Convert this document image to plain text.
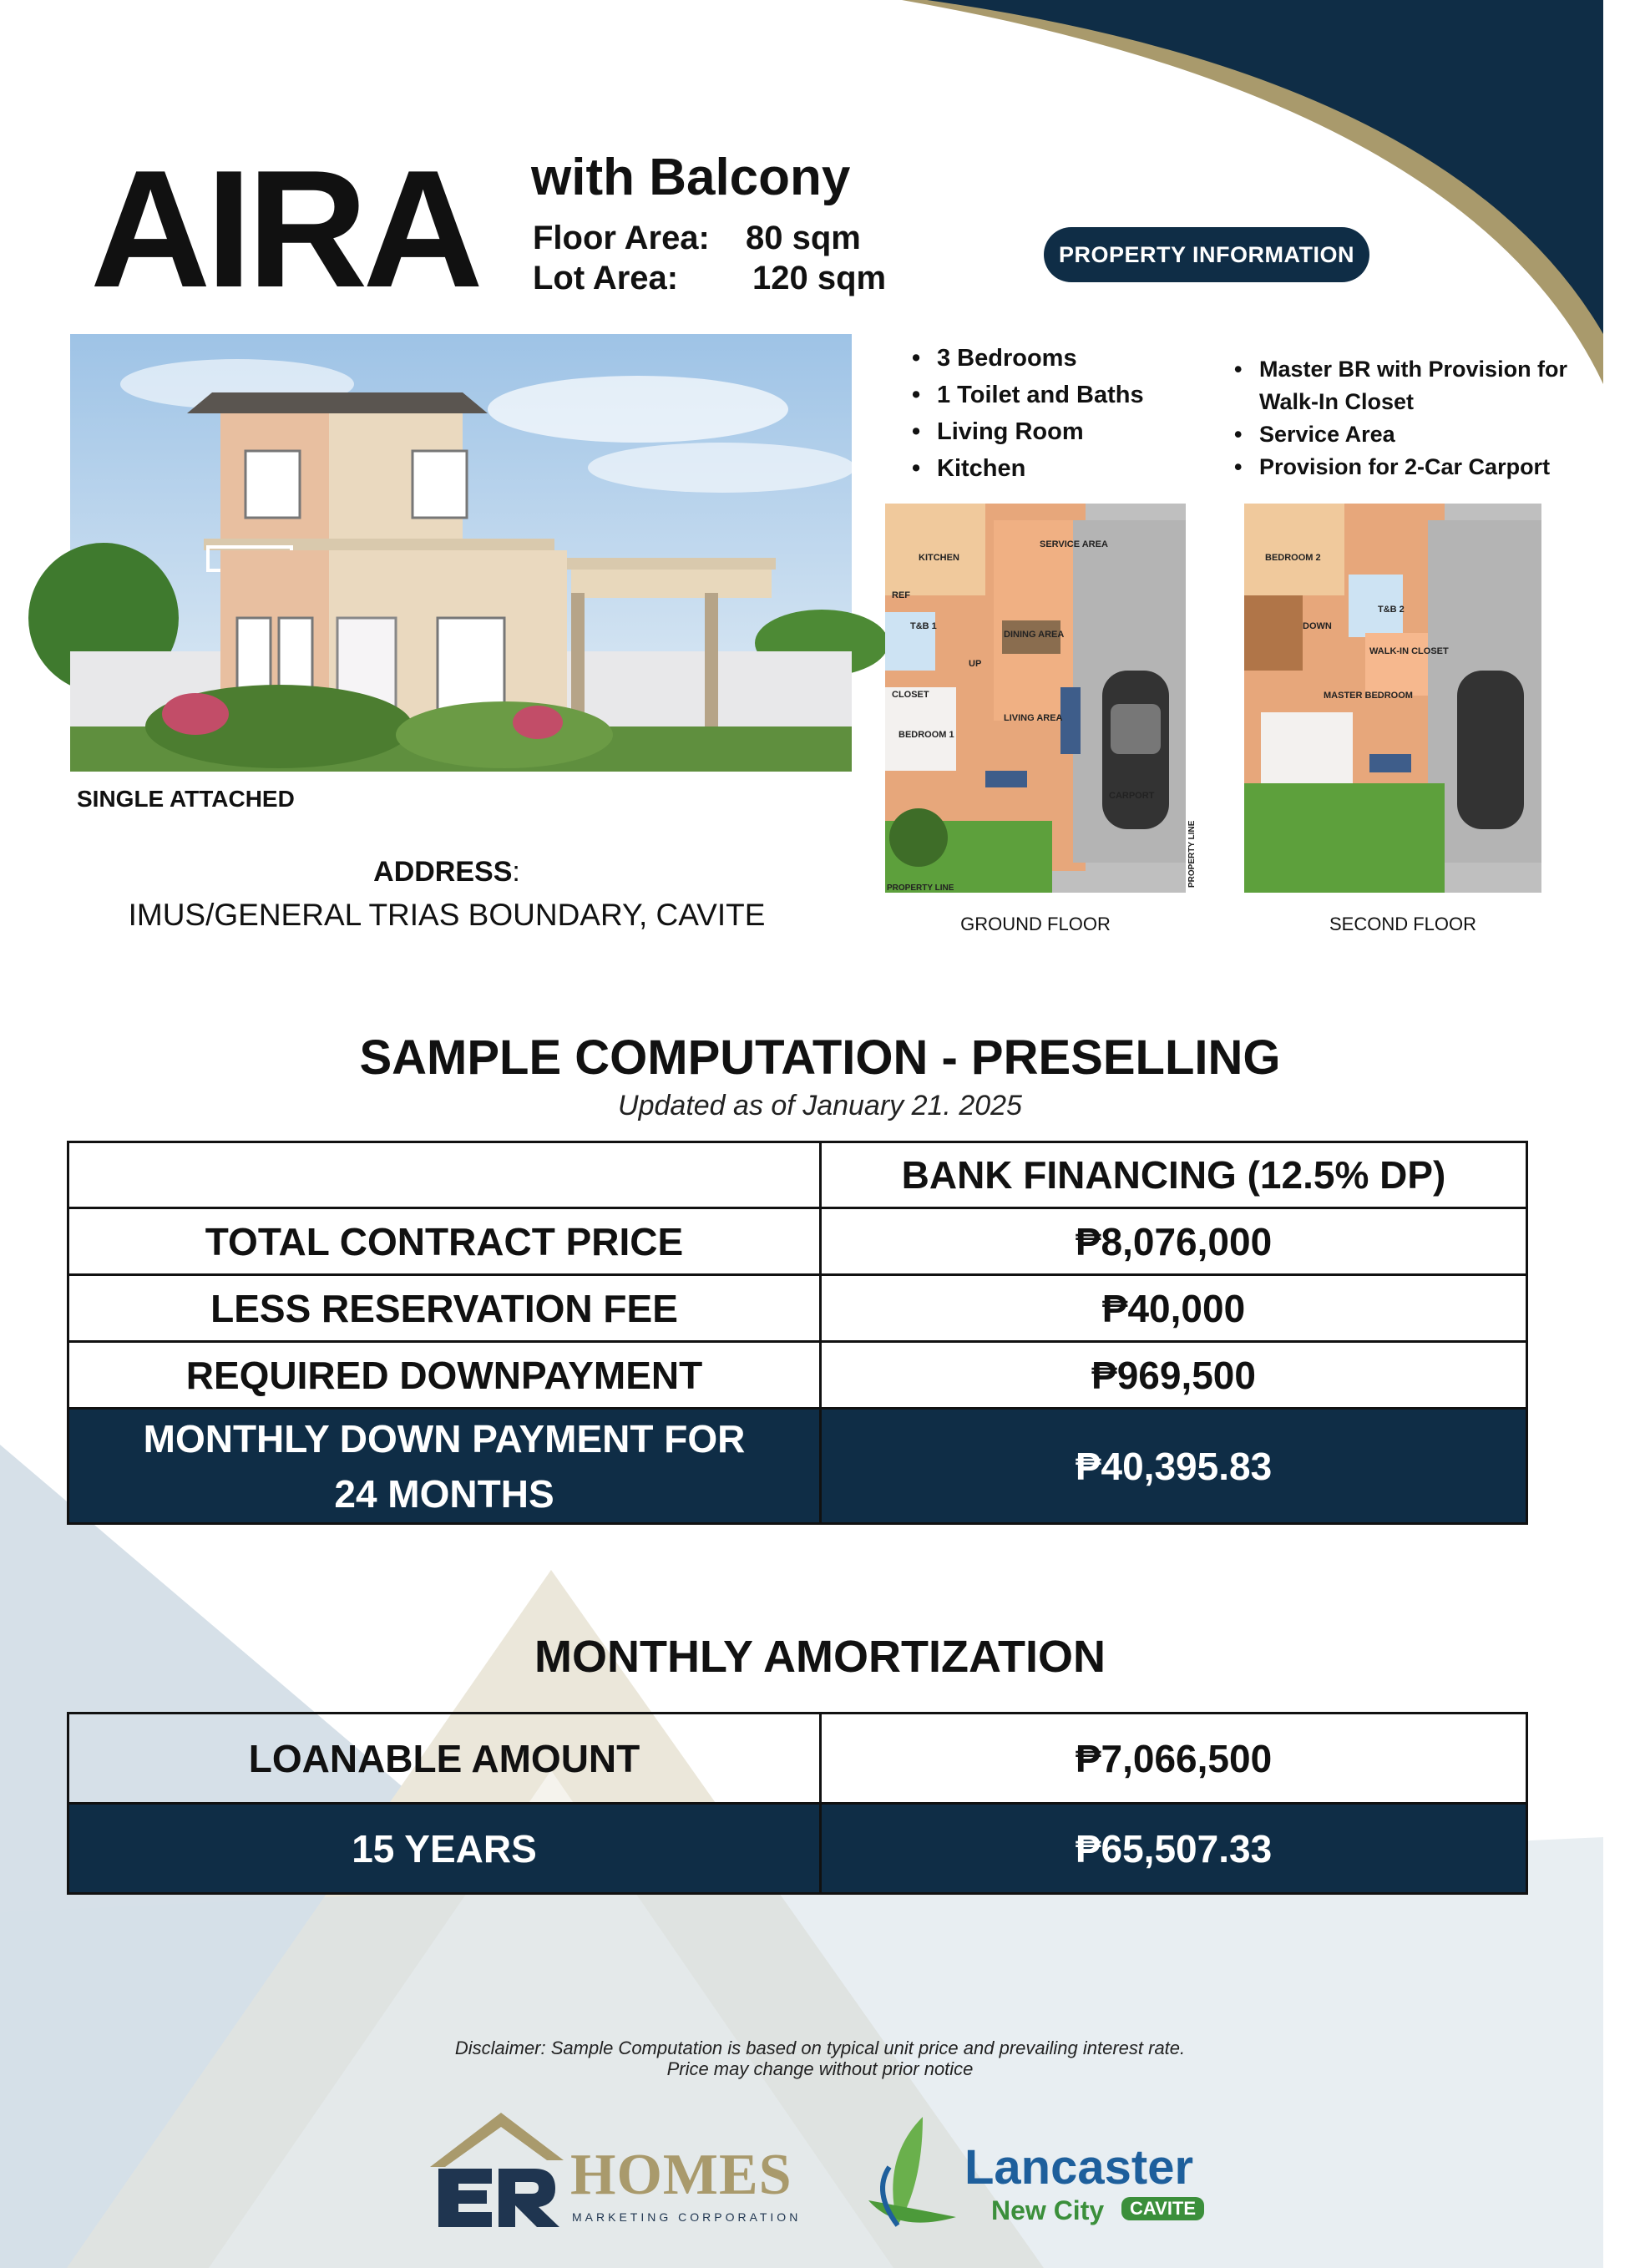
AIRA with Balcony
Floor Area: 80 sqm
Lot Area: 120 sqm
PROPERTY INFORMATION
• 3 Bedrooms
• 1 Toilet and Baths
• Living Room
• Kitchen
• Master BR with Provision for Walk-In Closet
• Service Area
• Provision for 2-Car Carport
KITCHEN
SERVICE AREA
REF
T&B 1
DINING AREA
UP
CLOSET
LIVING AREA
BEDROOM 1
CARPORT
PROPERTY LINE
PROPERTY LINE
GROUND FLOOR
BEDROOM 2
T&B 2
DOWN
WALK-IN CLOSET
MASTER BEDROOM
SECOND FLOOR
SINGLE ATTACHED
ADDRESS:
IMUS/GENERAL TRIAS BOUNDARY, CAVITE
SAMPLE COMPUTATION - PRESELLING
Updated as of January 21. 2025
	BANK FINANCING (12.5% DP)
TOTAL CONTRACT PRICE	₱8,076,000
LESS RESERVATION FEE	₱40,000
REQUIRED DOWNPAYMENT	₱969,500

MONTHLY DOWN PAYMENT FOR
24 MONTHS	₱40,395.83
MONTHLY AMORTIZATION
LOANABLE AMOUNT	₱7,066,500
15 YEARS	₱65,507.33
Disclaimer: Sample Computation is based on typical unit price and prevailing interest rate.
Price may change without prior notice
HOMES
MARKETING CORPORATION
Lancaster
New City	CAVITE
